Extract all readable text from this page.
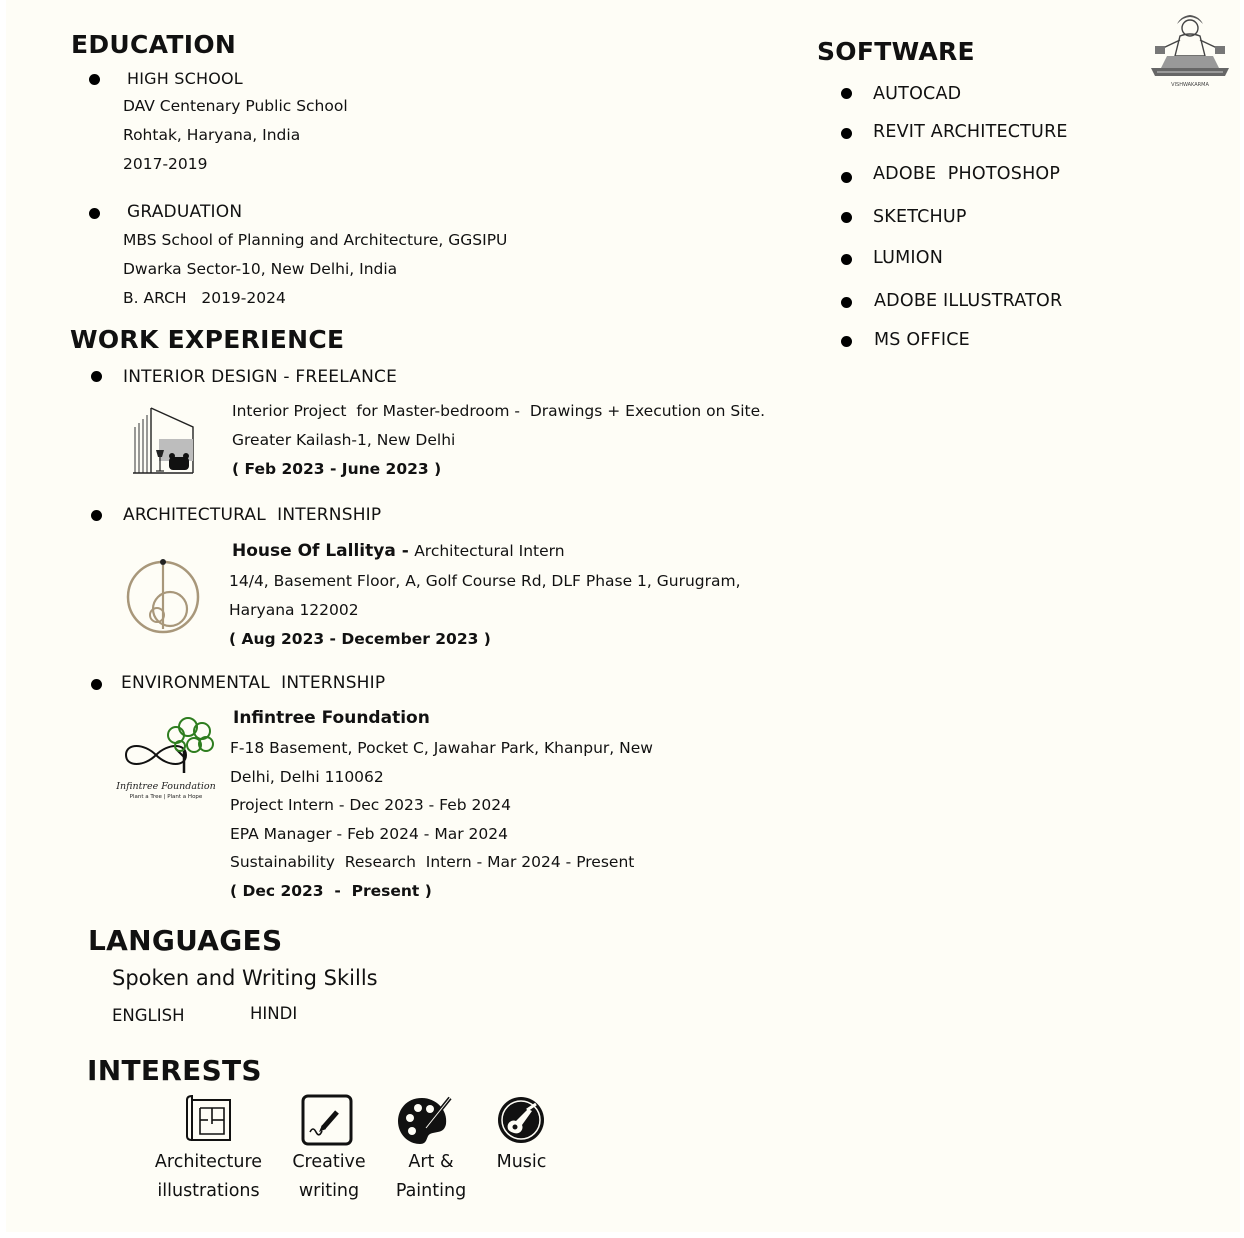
EDUCATION
HIGH SCHOOL
DAV Centenary Public School
Rohtak, Haryana, India
2017-2019
GRADUATION
MBS School of Planning and Architecture, GGSIPU
Dwarka Sector-10, New Delhi, India
B. ARCH   2019-2024
WORK EXPERIENCE
INTERIOR DESIGN - FREELANCE
Interior Project  for Master-bedroom -  Drawings + Execution on Site.
Greater Kailash-1, New Delhi
( Feb 2023 - June 2023 )
ARCHITECTURAL  INTERNSHIP
House Of Lallitya - Architectural Intern
14/4, Basement Floor, A, Golf Course Rd, DLF Phase 1, Gurugram,
Haryana 122002
( Aug 2023 - December 2023 )
ENVIRONMENTAL  INTERNSHIP
Infintree Foundation
Plant a Tree | Plant a Hope
Infintree Foundation
F-18 Basement, Pocket C, Jawahar Park, Khanpur, New
Delhi, Delhi 110062
Project Intern - Dec 2023 - Feb 2024
EPA Manager - Feb 2024 - Mar 2024
Sustainability  Research  Intern - Mar 2024 - Present
( Dec 2023  -  Present )
LANGUAGES
Spoken and Writing Skills
ENGLISH	HINDI
INTERESTS
Architecture
illustrations
Creative
writing
Art &
Painting
Music
SOFTWARE
AUTOCAD
REVIT ARCHITECTURE
ADOBE  PHOTOSHOP
SKETCHUP
LUMION
ADOBE ILLUSTRATOR
MS OFFICE
VISHWAKARMA
